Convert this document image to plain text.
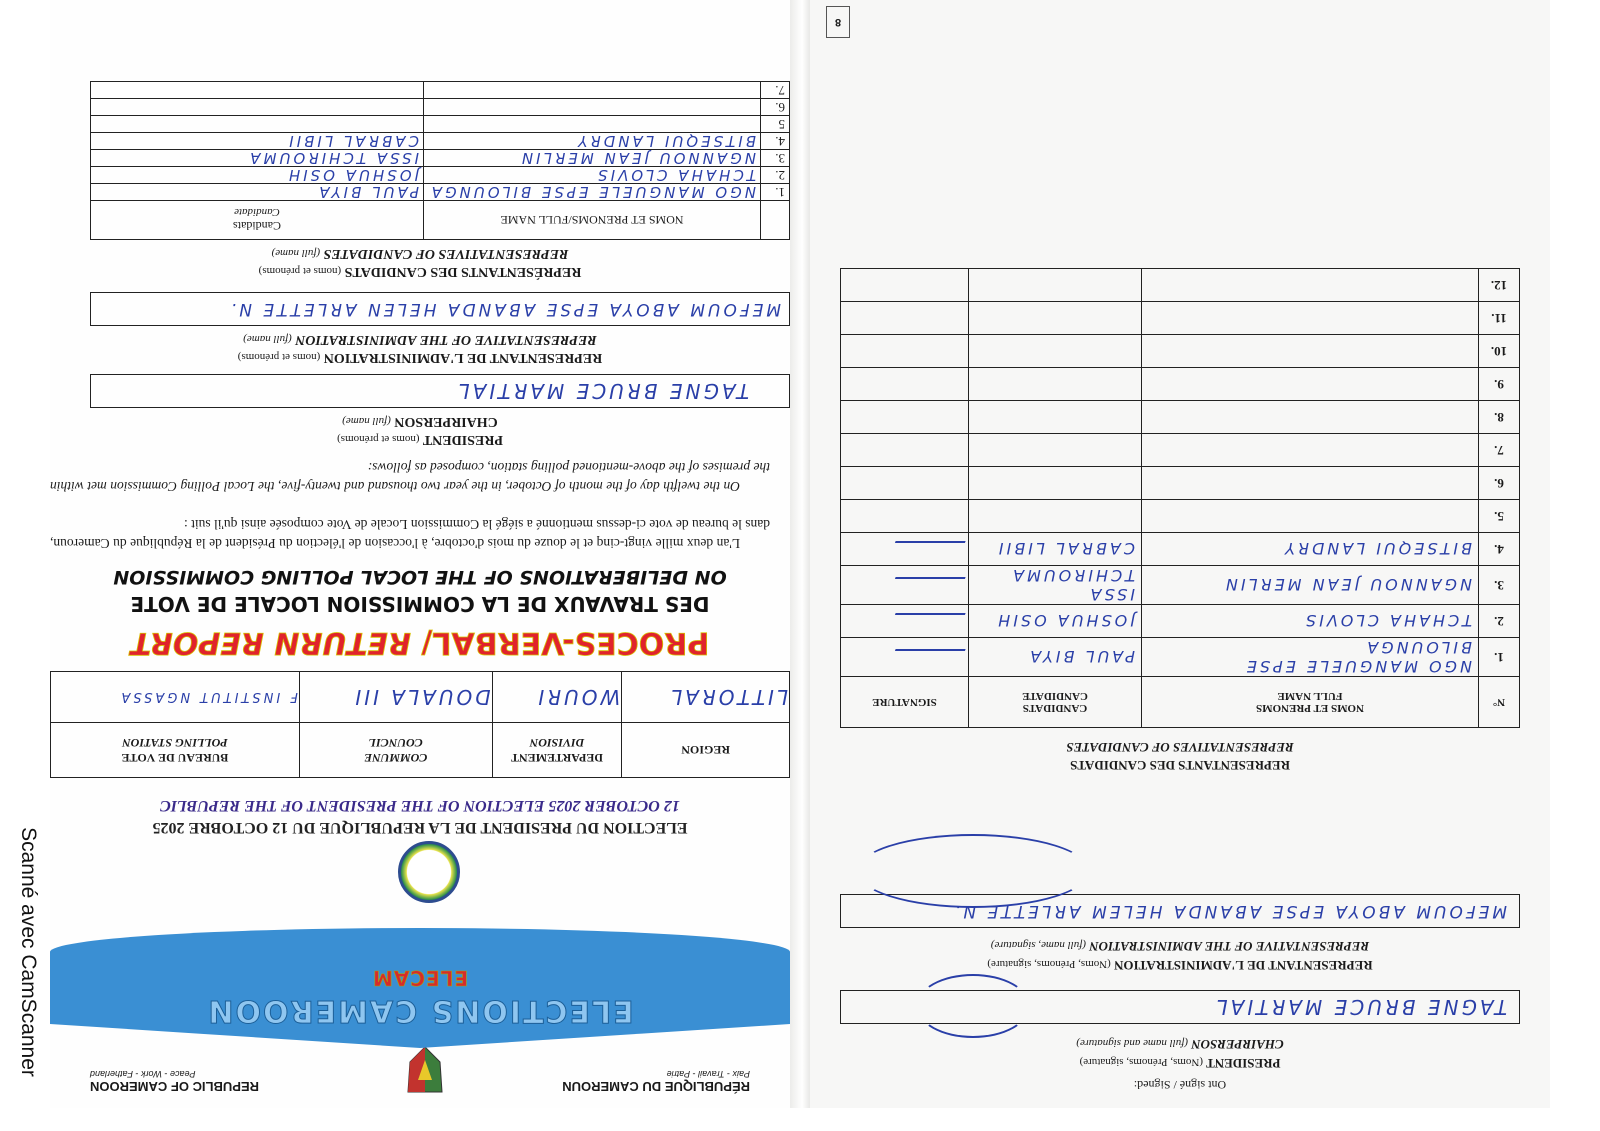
Scanné avec CamScanner
Ont signé / Signed:
PRESIDENT (Noms, Prénoms, signature)
CHAIRPERSON (full name and signature)
TAGNE BRUCE MARTIAL
REPRESENTANT DE L'ADMINISTRATION (Noms, Prénoms, signature)
REPRESENTATIVE OF THE ADMINISTRATION (full name, signature)
MEFOUM ABOYA EPSE ABANDA HELEM ARLETTE N.
REPRESENTANTS DES CANDIDATS
REPRESENTATIVES OF CANDIDATES
N°	NOMS ET PRENOMS
FULL NAME	CANDIDATS
CANDIDATE	SIGNATURE
1.	NGO MANGUELE EPSE BILOUNGA	PAUL BIYA	
2.	TCHAHA CLOVIS	JOSHUA OSIH	
3.	NGANNOU JEAN MERLIN	ISSA TCHIROUMA	
4.	BITSEQUI LANDRY	CABRAL LIBII	
5.			
6.			
7.			
8.			
9.			
10.			
11.			
12.			
8
RÉPUBLIQUE DU CAMEROUN
Paix - Travail - Patrie
REPUBLIC OF CAMEROON
Peace - Work - Fatherland
ELECTIONS CAMEROON
ELECAM
ELECTION DU PRESIDENT DE LA REPUBLIQUE DU 12 OCTOBRE 2025
12 OCTOBER 2025 ELECTION OF THE PRESIDENT OF THE REPUBLIC
REGION	DEPARTEMENT
DIVISION	COMMUNE
COUNCIL	BUREAU DE VOTE
POLLING STATION

LITTORAL	WOURI	DOUALA III	F INSTITUT NGASSA
PROCES-VERBAL/ RETURN REPORT
DES TRAVAUX DE LA COMMISSION LOCALE DE VOTE
ON DELIBERATIONS OF THE LOCAL POLLING COMMISSION
L'an deux mille vingt-cinq et le douze du mois d'octobre, à l'occasion de l'élection du Président de la République du Cameroun, dans le bureau de vote ci-dessus mentionné a siégé la Commission Locale de Vote composée ainsi qu'il suit :
On the twelfth day of the month of October, in the year two thousand and twenty-five, the Local Polling Commission met within the premises of the above-mentioned polling station, composed as follows:
PRESIDENT (noms et prénoms)
CHAIRPERSON (full name)
TAGNE BRUCE MARTIAL
REPRESENTANT DE L'ADMINISTRATION (noms et prénoms)
REPRESENTATIVE OF THE ADMINISTRATION (full name)
MEFOUM ABOYA EPSE ABANDA HELEN ARLETTE N.
REPRÉSENTANTS DES CANDIDATS (noms et prénoms)
REPRESENTATIVES OF CANDIDATES (full name)
	NOMS ET PRENOMS/FULL NAME	Candidats
Candidate

1.	NGO MANGUELE EPSE BILOUNGA	PAUL BIYA
2.	TCHAHA CLOVIS	JOSHUA OSIH
3.	NGANNOU JEAN MERLIN	ISSA TCHIROUMA
4.	BITSEQUI LANDRY	CABRAL LIBII
5		
6.		
7.		
